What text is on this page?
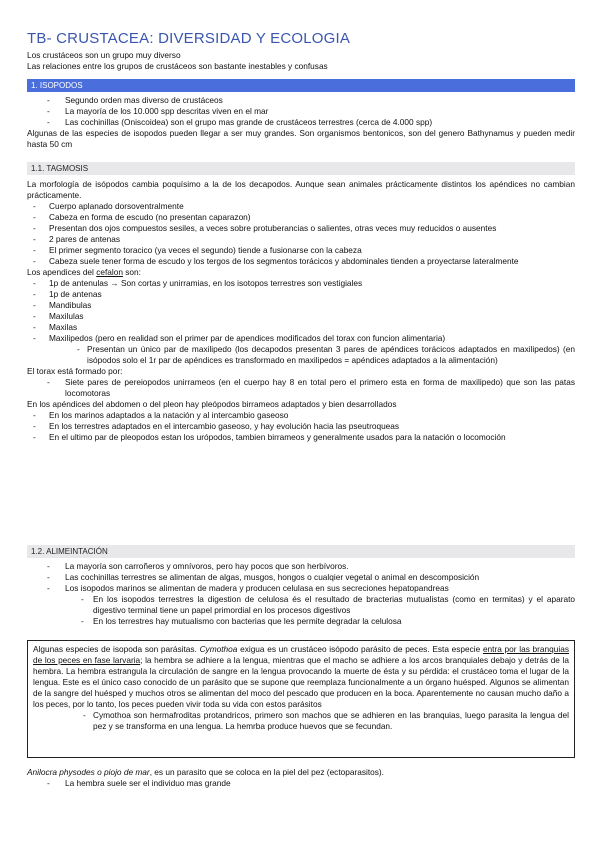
TB- CRUSTACEA: DIVERSIDAD Y ECOLOGIA

Los crustáceos son un grupo muy diverso

Las relaciones entre los grupos de crustáceos son bastante inestables y confusas

1. ISOPODOS
- Segundo orden mas diverso de crustáceos
- La mayoría de los 10.000 spp descritas viven en el mar
- Las cochinillas (Oniscoidea) son el grupo mas grande de crustáceos terrestres (cerca de 4.000 spp)

Algunas de las especies de isopodos pueden llegar a ser muy grandes. Son organismos bentonicos, son del genero Bathynamus y pueden medir hasta 50 cm

1.1. TAGMOSIS

La morfología de isópodos cambia poquísimo a la de los decapodos. Aunque sean animales prácticamente distintos los apéndices no cambian prácticamente.

- Cuerpo aplanado dorsoventralmente
- Cabeza en forma de escudo (no presentan caparazon)
- Presentan dos ojos compuestos sesiles, a veces sobre protuberancias o salientes, otras veces muy reducidos o ausentes
- 2 pares de antenas
- El primer segmento toracico (ya veces el segundo) tiende a fusionarse con la cabeza
- Cabeza suele tener forma de escudo y los tergos de los segmentos torácicos y abdominales tienden a proyectarse lateralmente

Los apendices del cefalon son:

- 1p de antenulas → Son cortas y unirramias, en los isotopos terrestres son vestigiales
- 1p de antenas
- Mandibulas
- Maxilulas
- Maxilas
- Maxilipedos (pero en realidad son el primer par de apendices modificados del torax con funcion alimentaria)
- Presentan un único par de maxilipedo (los decapodos presentan 3 pares de apéndices torácicos adaptados en maxilipedos) (en isópodos solo el 1r par de apéndices es transformado en maxilipedos = apéndices adaptados a la alimentación)

El torax está formado por:

- Siete pares de pereiopodos unirrameos (en el cuerpo hay 8 en total pero el primero esta en forma de maxilipedo) que son las patas locomotoras

En los apéndices del abdomen o del pleon hay pleópodos birrameos adaptados y bien desarrollados

- En los marinos adaptados a la natación y al intercambio gaseoso
- En los terrestres adaptados en el intercambio gaseoso, y hay evolución hacia las pseutroqueas
- En el ultimo par de pleopodos estan los urópodos, tambien birrameos y generalmente usados para la natación o locomoción
1.2. ALIMEINTACIÓN
- La mayoría son carroñeros y omnívoros, pero hay pocos que son herbívoros.
- Las cochinillas terrestres se alimentan de algas, musgos, hongos o cualqier vegetal o animal en descomposición
- Los isopodos marinos se alimentan de madera y producen celulasa en sus secreciones hepatopandreas
- En los isopodos terrestres la digestion de celulosa és el resultado de bracterias mutualistas (como en termitas) y el aparato digestivo terminal tiene un papel primordial en los procesos digestivos
- En los terrestres hay mutualismo con bacterias que les permite degradar la celulosa

Algunas especies de isopoda son parásitas. Cymothoa exigua es un crustáceo isópodo parásito de peces. Esta especie entra por las branquias de los peces en fase larvaria; la hembra se adhiere a la lengua, mientras que el macho se adhiere a los arcos branquiales debajo y detrás de la hembra. La hembra estrangula la circulación de sangre en la lengua provocando la muerte de ésta y su pérdida: el crustáceo toma el lugar de la lengua. Este es el único caso conocido de un parásito que se supone que reemplaza funcionalmente a un órgano huésped. Algunos se alimentan de la sangre del huésped y muchos otros se alimentan del moco del pescado que producen en la boca. Aparentemente no causan mucho daño a los peces, por lo tanto, los peces pueden vivir toda su vida con estos parásitos

- Cymothoa son hermafroditas protandricos, primero son machos que se adhieren en las branquias, luego parasita la lengua del pez y se transforma en una lengua. La hemrba produce huevos que se fecundan.

Anilocra physodes o piojo de mar, es un parasito que se coloca en la piel del pez (ectoparasitos).

- La hembra suele ser el individuo mas grande
